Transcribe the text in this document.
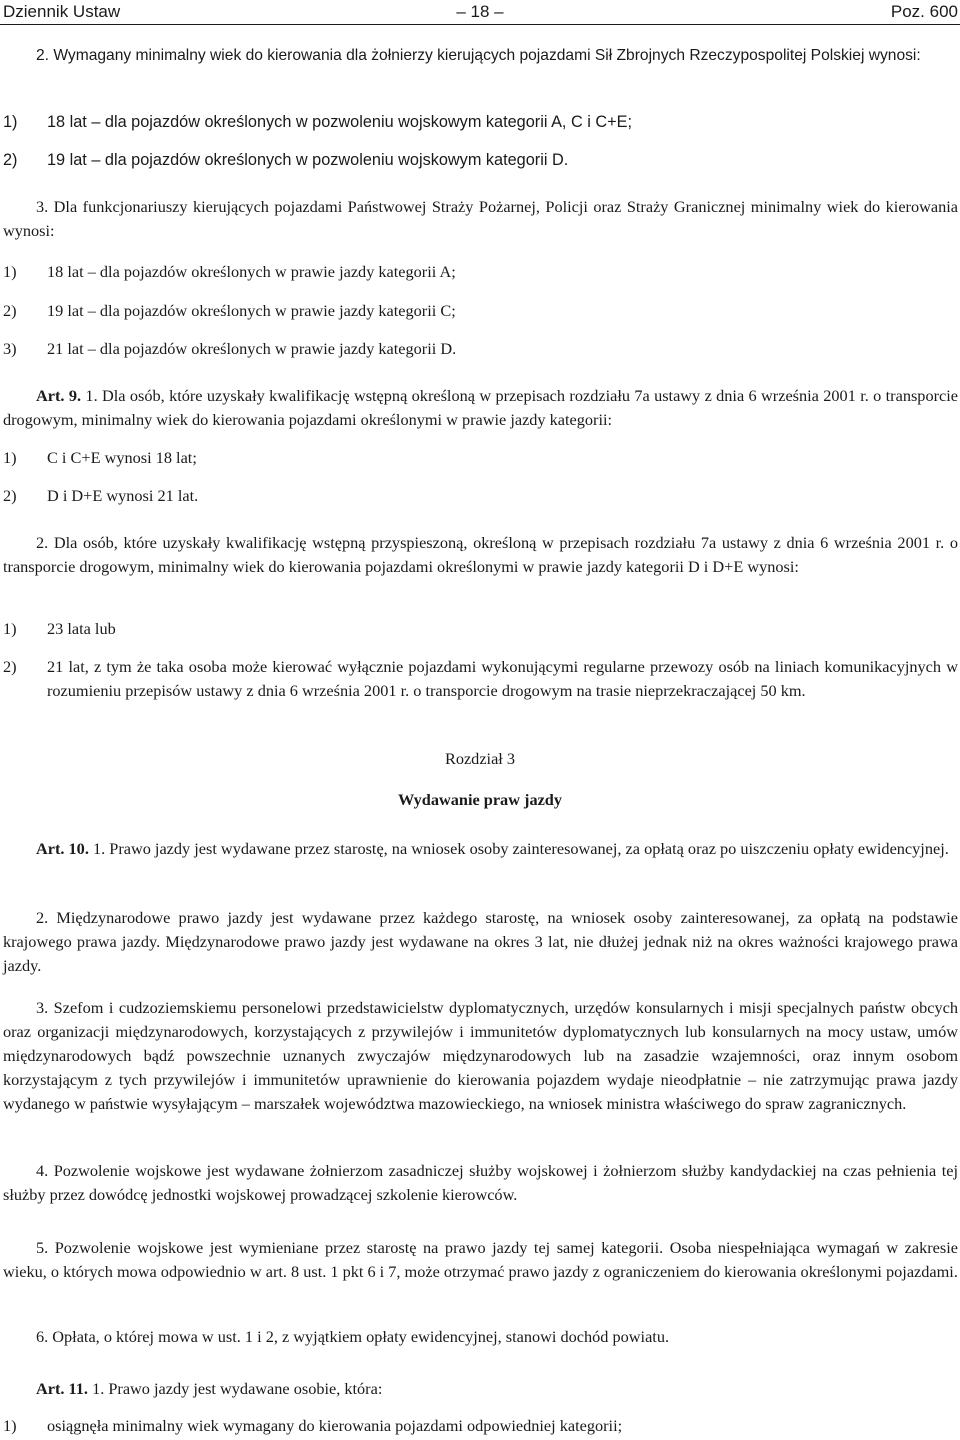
Dziennik Ustaw	– 18 –	Poz. 600
2. Wymagany minimalny wiek do kierowania dla żołnierzy kierujących pojazdami Sił Zbrojnych Rzeczypospolitej Polskiej wynosi:
1) 18 lat – dla pojazdów określonych w pozwoleniu wojskowym kategorii A, C i C+E;
2) 19 lat – dla pojazdów określonych w pozwoleniu wojskowym kategorii D.
3. Dla funkcjonariuszy kierujących pojazdami Państwowej Straży Pożarnej, Policji oraz Straży Granicznej minimalny wiek do kierowania wynosi:
1) 18 lat – dla pojazdów określonych w prawie jazdy kategorii A;
2) 19 lat – dla pojazdów określonych w prawie jazdy kategorii C;
3) 21 lat – dla pojazdów określonych w prawie jazdy kategorii D.
Art. 9. 1. Dla osób, które uzyskały kwalifikację wstępną określoną w przepisach rozdziału 7a ustawy z dnia 6 września 2001 r. o transporcie drogowym, minimalny wiek do kierowania pojazdami określonymi w prawie jazdy kategorii:
1) C i C+E wynosi 18 lat;
2) D i D+E wynosi 21 lat.
2. Dla osób, które uzyskały kwalifikację wstępną przyspieszoną, określoną w przepisach rozdziału 7a ustawy z dnia 6 września 2001 r. o transporcie drogowym, minimalny wiek do kierowania pojazdami określonymi w prawie jazdy kategorii D i D+E wynosi:
1) 23 lata lub
2) 21 lat, z tym że taka osoba może kierować wyłącznie pojazdami wykonującymi regularne przewozy osób na liniach komunikacyjnych w rozumieniu przepisów ustawy z dnia 6 września 2001 r. o transporcie drogowym na trasie nieprzekraczającej 50 km.
Rozdział 3
Wydawanie praw jazdy
Art. 10. 1. Prawo jazdy jest wydawane przez starostę, na wniosek osoby zainteresowanej, za opłatą oraz po uiszczeniu opłaty ewidencyjnej.
2. Międzynarodowe prawo jazdy jest wydawane przez każdego starostę, na wniosek osoby zainteresowanej, za opłatą na podstawie krajowego prawa jazdy. Międzynarodowe prawo jazdy jest wydawane na okres 3 lat, nie dłużej jednak niż na okres ważności krajowego prawa jazdy.
3. Szefom i cudzoziemskiemu personelowi przedstawicielstw dyplomatycznych, urzędów konsularnych i misji specjalnych państw obcych oraz organizacji międzynarodowych, korzystających z przywilejów i immunitetów dyplomatycznych lub konsularnych na mocy ustaw, umów międzynarodowych bądź powszechnie uznanych zwyczajów międzynarodowych lub na zasadzie wzajemności, oraz innym osobom korzystającym z tych przywilejów i immunitetów uprawnienie do kierowania pojazdem wydaje nieodpłatnie – nie zatrzymując prawa jazdy wydanego w państwie wysyłającym – marszałek województwa mazowieckiego, na wniosek ministra właściwego do spraw zagranicznych.
4. Pozwolenie wojskowe jest wydawane żołnierzom zasadniczej służby wojskowej i żołnierzom służby kandydackiej na czas pełnienia tej służby przez dowódcę jednostki wojskowej prowadzącej szkolenie kierowców.
5. Pozwolenie wojskowe jest wymieniane przez starostę na prawo jazdy tej samej kategorii. Osoba niespełniająca wymagań w zakresie wieku, o których mowa odpowiednio w art. 8 ust. 1 pkt 6 i 7, może otrzymać prawo jazdy z ograniczeniem do kierowania określonymi pojazdami.
6. Opłata, o której mowa w ust. 1 i 2, z wyjątkiem opłaty ewidencyjnej, stanowi dochód powiatu.
Art. 11. 1. Prawo jazdy jest wydawane osobie, która:
1) osiągnęła minimalny wiek wymagany do kierowania pojazdami odpowiedniej kategorii;
